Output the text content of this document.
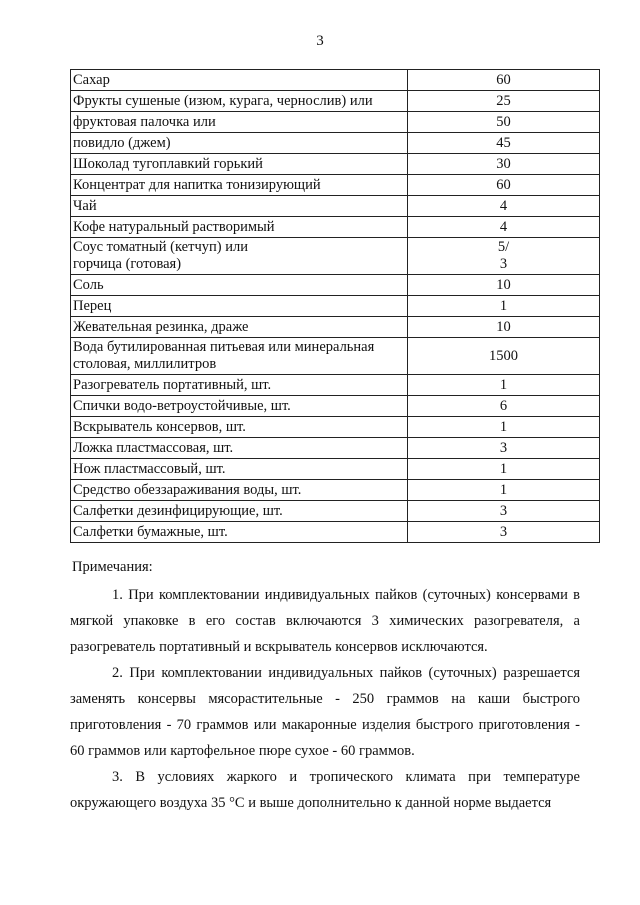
3
Сахар	60
Фрукты сушеные (изюм, курага, чернослив) или	25
фруктовая палочка или	50
повидло (джем)	45
Шоколад тугоплавкий горький	30
Концентрат для напитка тонизирующий	60
Чай	4
Кофе натуральный растворимый	4

Соус томатный (кетчуп) или
горчица (готовая)	5/
3

Соль	10
Перец	1
Жевательная резинка, драже	10

Вода бутилированная питьевая или минеральная
столовая, миллилитров	1500
Разогреватель портативный, шт.	1
Спички водо-ветроустойчивые, шт.	6
Вскрыватель консервов, шт.	1
Ложка пластмассовая, шт.	3
Нож пластмассовый, шт.	1
Средство обеззараживания воды, шт.	1
Салфетки дезинфицирующие, шт.	3
Салфетки бумажные, шт.	3

Примечания:

1. При комплектовании индивидуальных пайков (суточных) консервами в мягкой упаковке в его состав включаются 3 химических разогревателя, а разогреватель портативный и вскрыватель консервов исключаются.

2. При комплектовании индивидуальных пайков (суточных) разрешается заменять консервы мясорастительные - 250 граммов на каши быстрого приготовления - 70 граммов или макаронные изделия быстрого приготовления - 60 граммов или картофельное пюре сухое - 60 граммов.

3. В условиях жаркого и тропического климата при температуре окружающего воздуха 35 °С и выше дополнительно к данной норме выдается
